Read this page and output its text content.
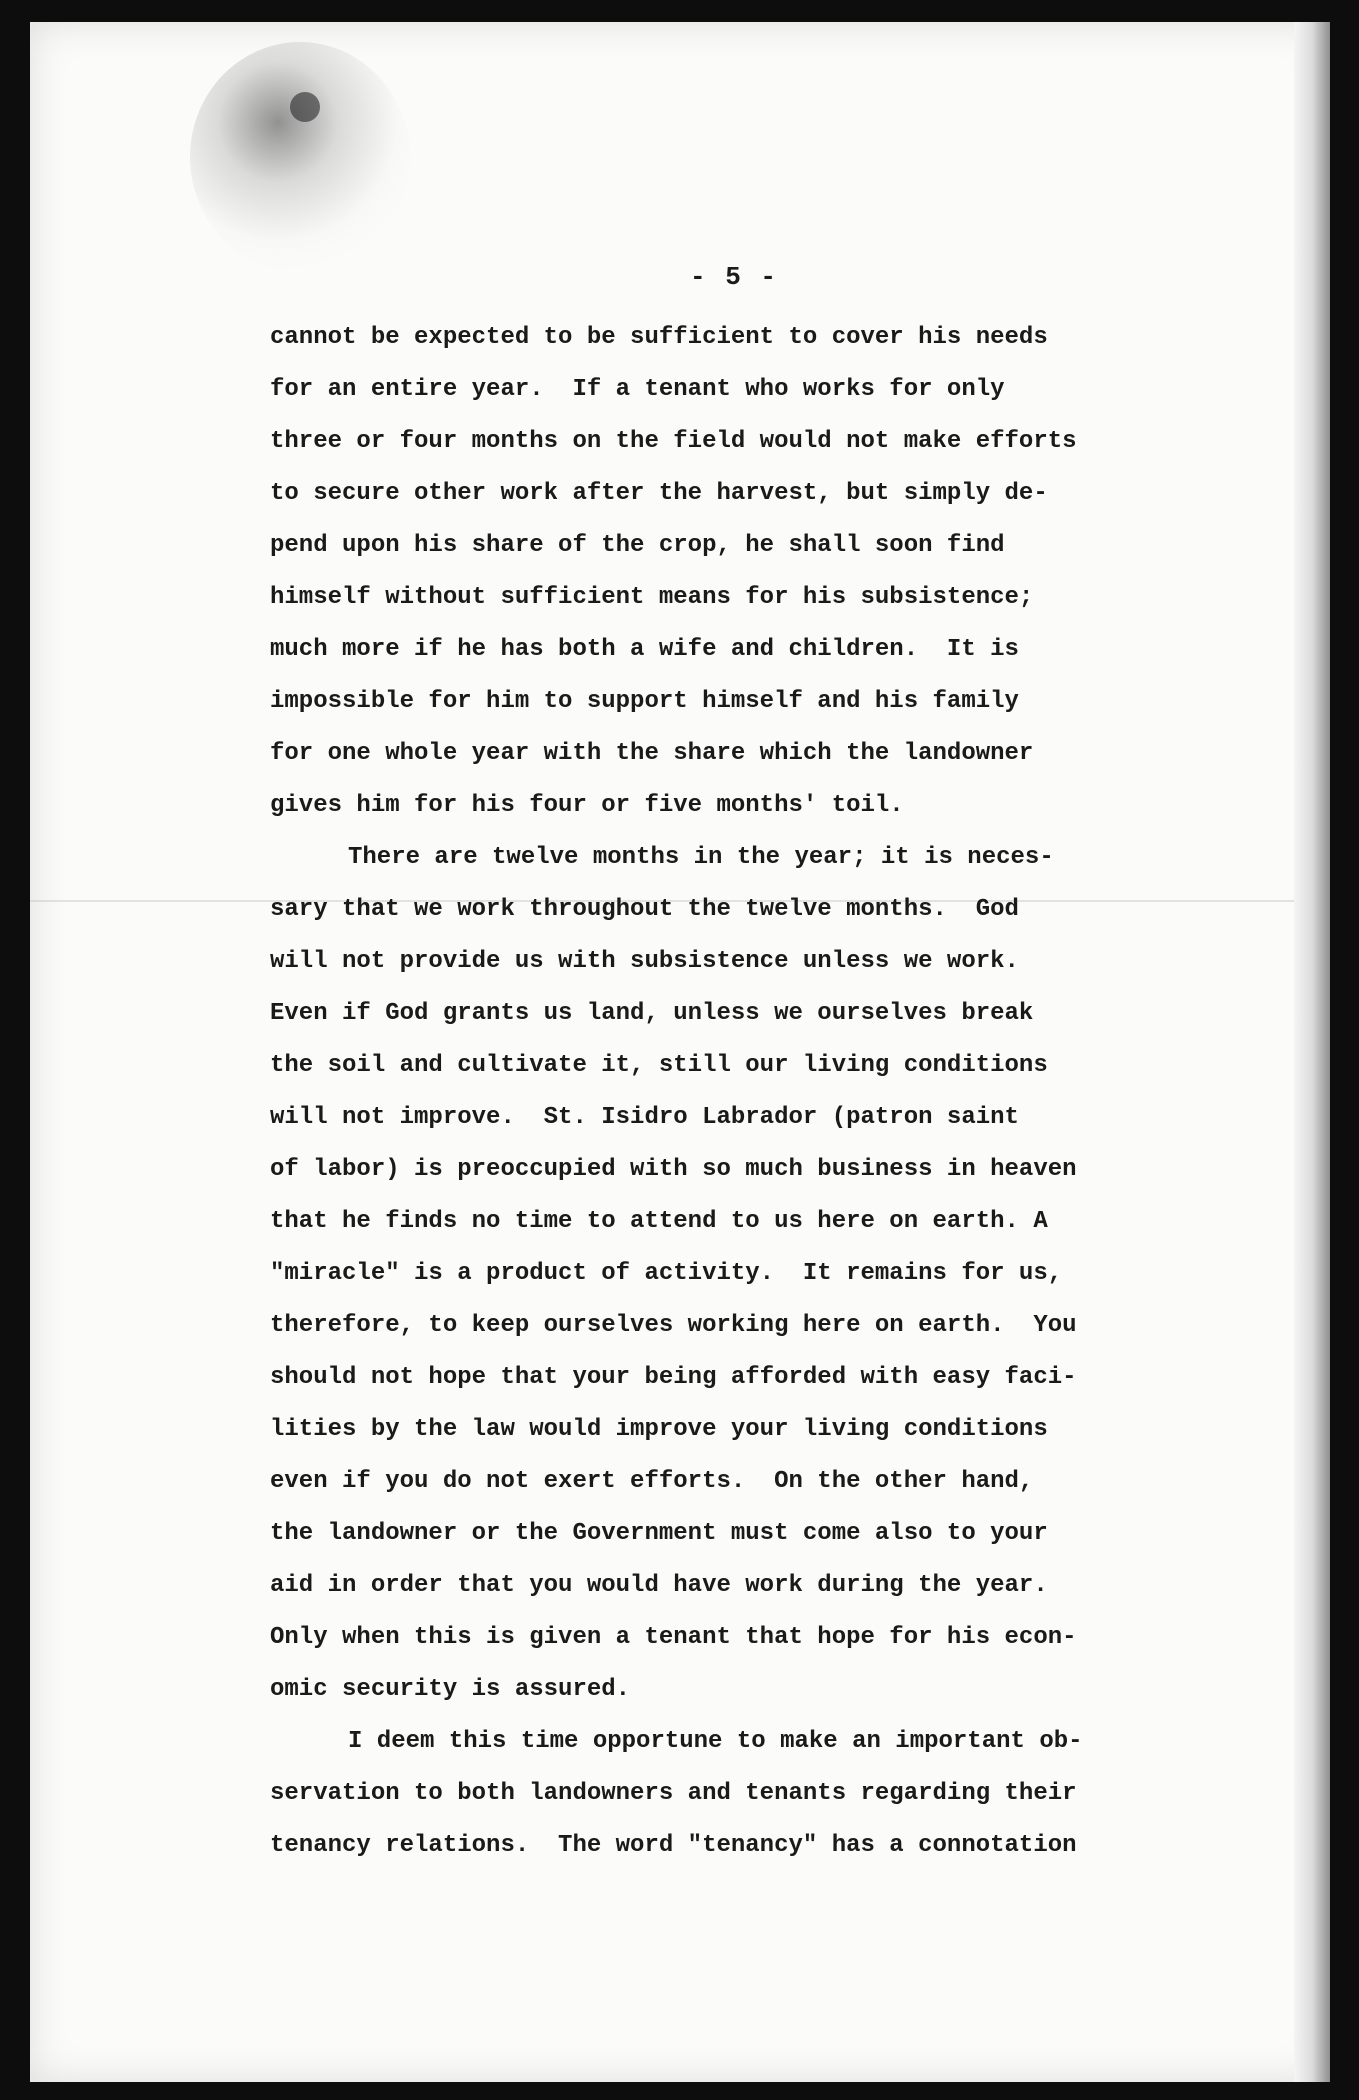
- 5 -
cannot be expected to be sufficient to cover his needs
for an entire year.  If a tenant who works for only
three or four months on the field would not make efforts
to secure other work after the harvest, but simply de-
pend upon his share of the crop, he shall soon find
himself without sufficient means for his subsistence;
much more if he has both a wife and children.  It is
impossible for him to support himself and his family
for one whole year with the share which the landowner
gives him for his four or five months' toil.
There are twelve months in the year; it is neces-
sary that we work throughout the twelve months.  God
will not provide us with subsistence unless we work.
Even if God grants us land, unless we ourselves break
the soil and cultivate it, still our living conditions
will not improve.  St. Isidro Labrador (patron saint
of labor) is preoccupied with so much business in heaven
that he finds no time to attend to us here on earth. A
"miracle" is a product of activity.  It remains for us,
therefore, to keep ourselves working here on earth.  You
should not hope that your being afforded with easy faci-
lities by the law would improve your living conditions
even if you do not exert efforts.  On the other hand,
the landowner or the Government must come also to your
aid in order that you would have work during the year.
Only when this is given a tenant that hope for his econ-
omic security is assured.
I deem this time opportune to make an important ob-
servation to both landowners and tenants regarding their
tenancy relations.  The word "tenancy" has a connotation
